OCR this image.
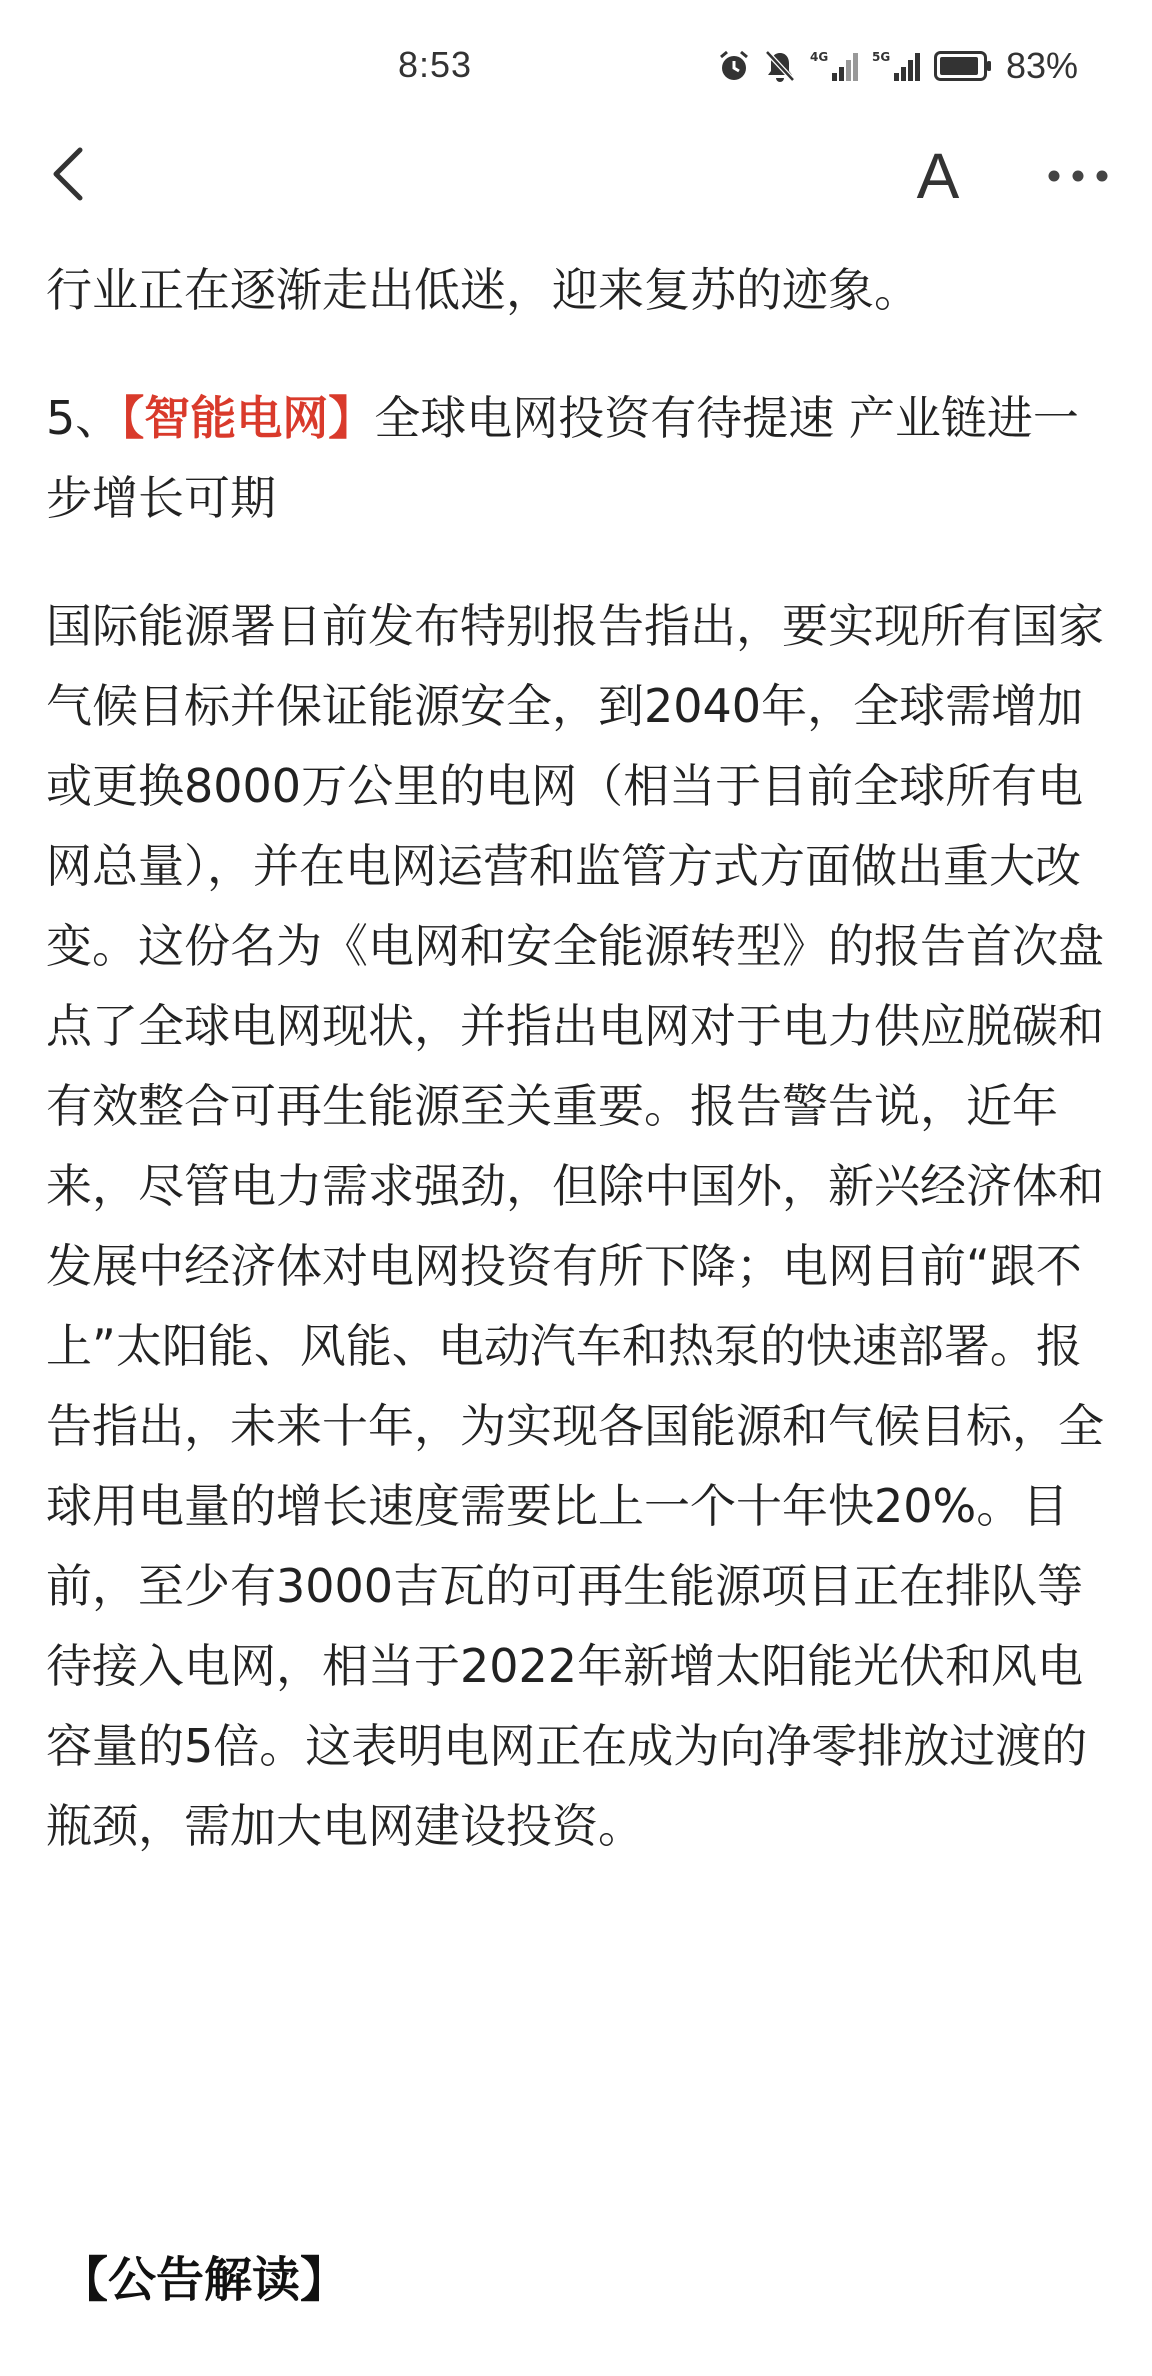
8:53	4G	5G	83%
A

行业正在逐渐走出低迷，迎来复苏的迹象。

5、【智能电网】全球电网投资有待提速 产业链进一步增长可期

国际能源署日前发布特别报告指出，要实现所有国家气候目标并保证能源安全，到2040年，全球需增加或更换8000万公里的电网（相当于目前全球所有电网总量），并在电网运营和监管方式方面做出重大改变。这份名为《电网和安全能源转型》的报告首次盘点了全球电网现状，并指出电网对于电力供应脱碳和有效整合可再生能源至关重要。报告警告说，近年来，尽管电力需求强劲，但除中国外，新兴经济体和发展中经济体对电网投资有所下降；电网目前“跟不上”太阳能、风能、电动汽车和热泵的快速部署。报告指出，未来十年，为实现各国能源和气候目标，全球用电量的增长速度需要比上一个十年快20%。目前，至少有3000吉瓦的可再生能源项目正在排队等待接入电网，相当于2022年新增太阳能光伏和风电容量的5倍。这表明电网正在成为向净零排放过渡的瓶颈，需加大电网建设投资。

【公告解读】
